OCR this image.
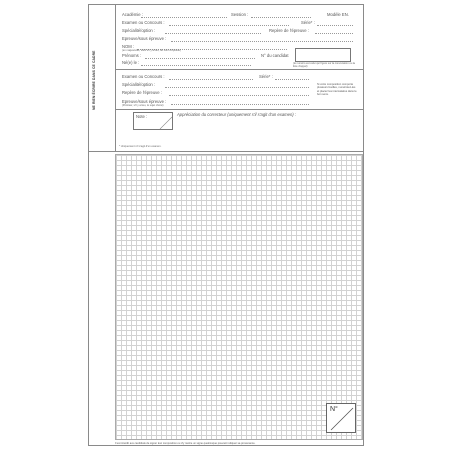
NE RIEN ÉCRIRE DANS CE CADRE
Académie :	Session :	Modèle EN.
Examen ou Concours :	Série* :
Spécialité/option :	Repère de l'épreuve :
Epreuve/sous épreuve :
NOM :
(en majuscules, suivi s'il y a lieu, du nom d'épouse)
Prénoms :	N° du candidat
Né(e) le :	(le numéro est celui qui figure sur la convocation ou la liste d'appel)
Examen ou Concours :	Série* :
Spécialité/option :
Repère de l'épreuve :
Epreuve/sous épreuve :
(Préciser, s'il y a lieu, le sujet choisi)
Si votre composition comporte plusieurs feuilles, numérotez-les et placez les intercalaires dans le bon sens.
Note :	Appréciation du correcteur (uniquement s'il s'agit d'un examen) :
* Uniquement s'il s'agit d'un examen.
N°
Il est interdit aux candidats de signer leur composition ou d'y mettre un signe quelconque pouvant indiquer sa provenance.
